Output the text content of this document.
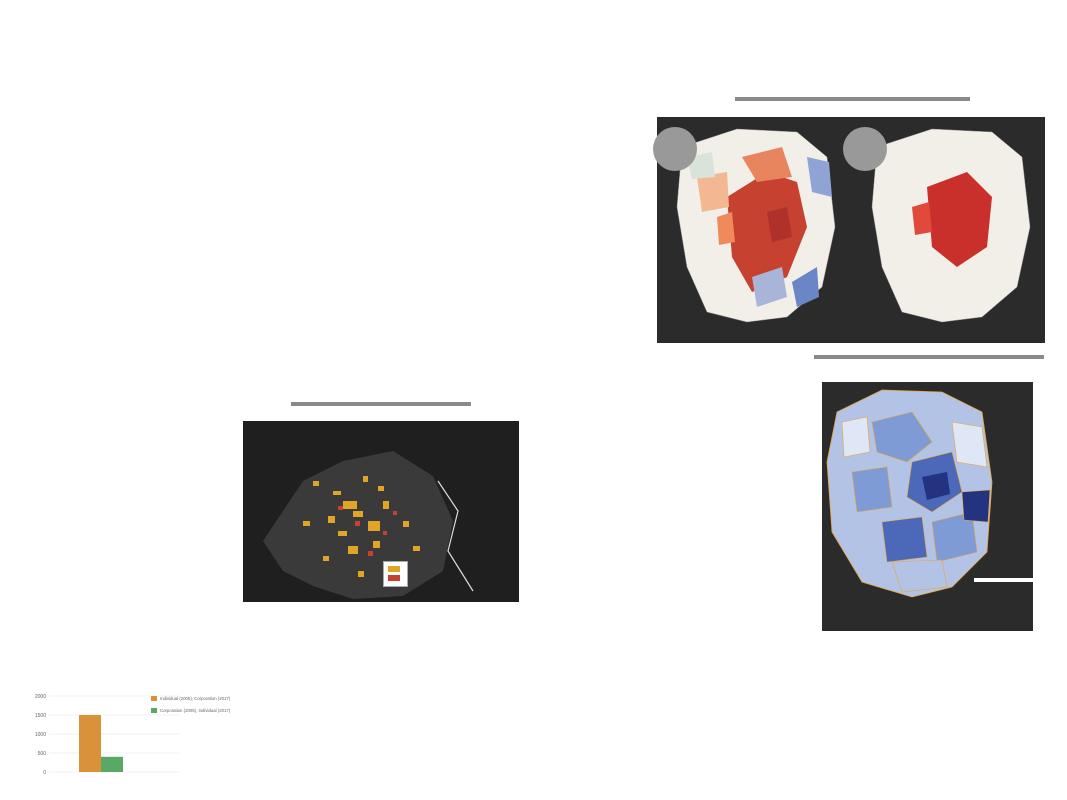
0
500
1000
1500
2000	Individual (2005), Corporation (2017)
Corporation (2005), Individual (2017)
